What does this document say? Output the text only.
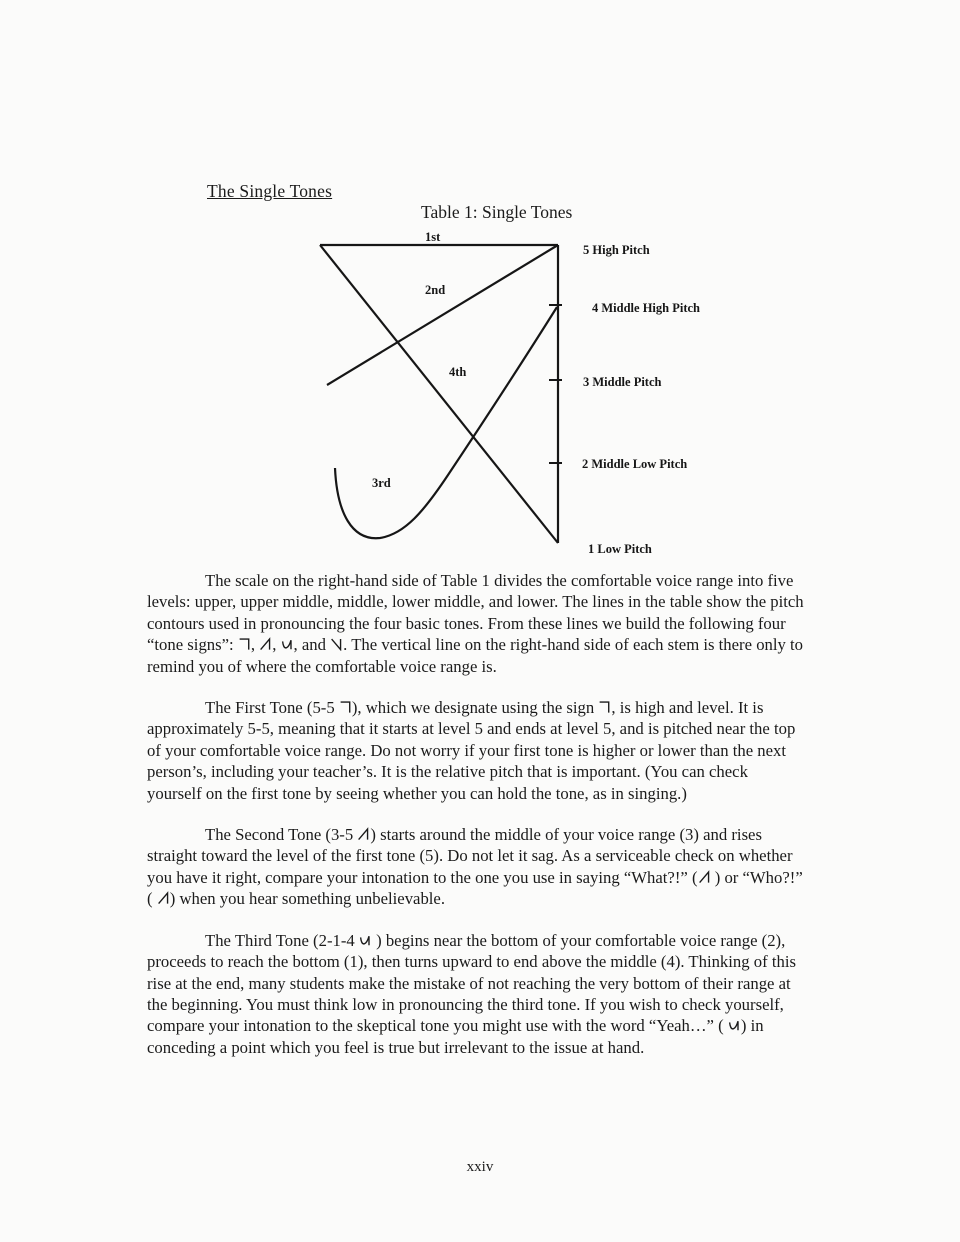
The Single Tones
Table 1: Single Tones
1st
2nd
4th
3rd
5 High Pitch
4 Middle High Pitch
3 Middle Pitch
2 Middle Low Pitch
1 Low Pitch

The scale on the right-hand side of Table 1 divides the comfortable voice range into five levels: upper, upper middle, middle, lower middle, and lower. The lines in the table show the pitch contours used in pronouncing the four basic tones. From these lines we build the following four “tone signs”: , , , and . The vertical line on the right-hand side of each stem is there only to remind you of where the comfortable voice range is.

The First Tone (5-5 ), which we designate using the sign , is high and level. It is approximately 5-5, meaning that it starts at level 5 and ends at level 5, and is pitched near the top of your comfortable voice range. Do not worry if your first tone is higher or lower than the next person’s, including your teacher’s. It is the relative pitch that is important. (You can check yourself on the first tone by seeing whether you can hold the tone, as in singing.)

The Second Tone (3-5 ) starts around the middle of your voice range (3) and rises straight toward the level of the first tone (5). Do not let it sag. As a serviceable check on whether you have it right, compare your intonation to the one you use in saying “What?!” ( ) or “Who?!” ( ) when you hear something unbelievable.

The Third Tone (2-1-4  ) begins near the bottom of your comfortable voice range (2), proceeds to reach the bottom (1), then turns upward to end above the middle (4). Thinking of this rise at the end, many students make the mistake of not reaching the very bottom of their range at the beginning. You must think low in pronouncing the third tone. If you wish to check yourself, compare your intonation to the skeptical tone you might use with the word “Yeah…” ( ) in conceding a point which you feel is true but irrelevant to the issue at hand.

xxiv
